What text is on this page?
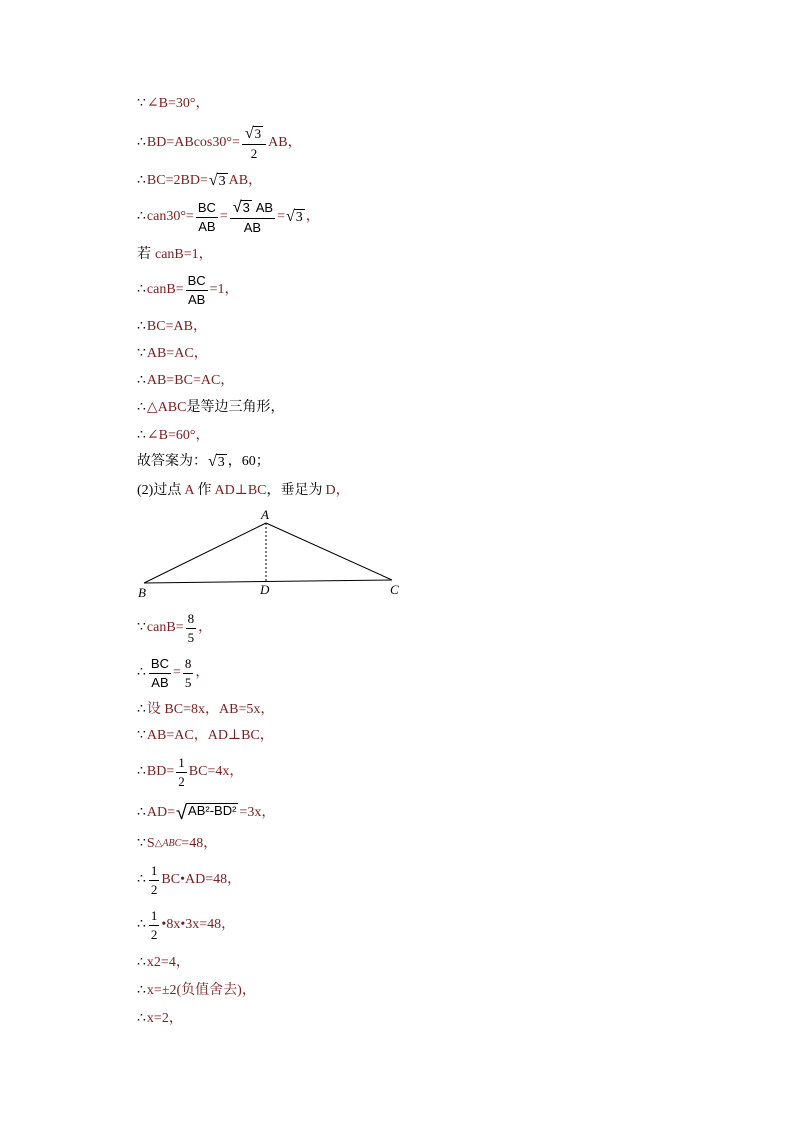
∵ ∠B=30°，
∴ $BD=ABcos30^\circ= \frac{√ 3}{2}$ AB，
∴ BC=2BD= √ 3 AB，
∴ $can30^\circ= \frac{BC}{AB} = \frac{√ 3 AB}{AB}$ = √ 3 ，
若 canB=1，
∴ canB= $\frac{BC}{AB} =1$，
∴ BC=AB，
∵ AB=AC，
∴ AB=BC=AC，
∴ △ABC 是等边三角形，
∴ ∠B=60°，
故答案为： √ 3 ，60；
(2)过点 A 作 AD⊥BC ，垂足为 D，
A
B	D	C
∵ canB= $\frac{8}{5}$ ，
∴ $\frac{BC}{AB} = \frac{8}{5}$ ，
∴ 设 BC=8x，AB=5x，
∵ AB=AC，AD⊥BC，
∴ $BD= \frac{1}{2} BC=4x$，
∴ AD= √ AB²-BD² =3x，
∵ S △ABC =48，
∴ $\frac{1}{2}$ BC•AD=48，
∴ $\frac{1}{2}$ •8x•3x=48，
∴ x2=4，
∴ x=±2(负值舍去)，
∴ x=2，
